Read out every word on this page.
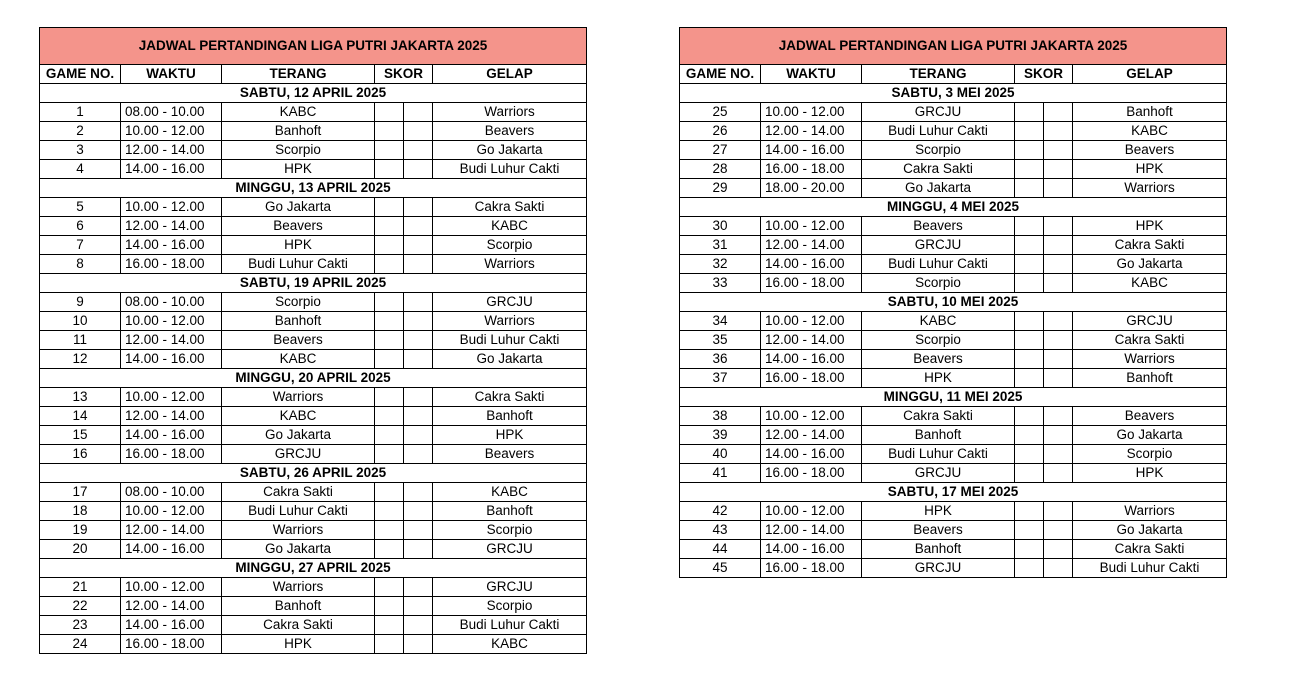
JADWAL PERTANDINGAN LIGA PUTRI JAKARTA 2025					
GAME NO.	WAKTU	TERANG	SKOR		GELAP
SABTU, 12 APRIL 2025					
1	08.00 - 10.00	KABC			Warriors
2	10.00 - 12.00	Banhoft			Beavers
3	12.00 - 14.00	Scorpio			Go Jakarta
4	14.00 - 16.00	HPK			Budi Luhur Cakti
MINGGU, 13 APRIL 2025					
5	10.00 - 12.00	Go Jakarta			Cakra Sakti
6	12.00 - 14.00	Beavers			KABC
7	14.00 - 16.00	HPK			Scorpio
8	16.00 - 18.00	Budi Luhur Cakti			Warriors
SABTU, 19 APRIL 2025					
9	08.00 - 10.00	Scorpio			GRCJU
10	10.00 - 12.00	Banhoft			Warriors
11	12.00 - 14.00	Beavers			Budi Luhur Cakti
12	14.00 - 16.00	KABC			Go Jakarta
MINGGU, 20 APRIL 2025					
13	10.00 - 12.00	Warriors			Cakra Sakti
14	12.00 - 14.00	KABC			Banhoft
15	14.00 - 16.00	Go Jakarta			HPK
16	16.00 - 18.00	GRCJU			Beavers
SABTU, 26 APRIL 2025					
17	08.00 - 10.00	Cakra Sakti			KABC
18	10.00 - 12.00	Budi Luhur Cakti			Banhoft
19	12.00 - 14.00	Warriors			Scorpio
20	14.00 - 16.00	Go Jakarta			GRCJU
MINGGU, 27 APRIL 2025					
21	10.00 - 12.00	Warriors			GRCJU
22	12.00 - 14.00	Banhoft			Scorpio
23	14.00 - 16.00	Cakra Sakti			Budi Luhur Cakti
24	16.00 - 18.00	HPK			KABC
JADWAL PERTANDINGAN LIGA PUTRI JAKARTA 2025					
GAME NO.	WAKTU	TERANG	SKOR		GELAP
SABTU, 3 MEI 2025					
25	10.00 - 12.00	GRCJU			Banhoft
26	12.00 - 14.00	Budi Luhur Cakti			KABC
27	14.00 - 16.00	Scorpio			Beavers
28	16.00 - 18.00	Cakra Sakti			HPK
29	18.00 - 20.00	Go Jakarta			Warriors
MINGGU, 4 MEI 2025					
30	10.00 - 12.00	Beavers			HPK
31	12.00 - 14.00	GRCJU			Cakra Sakti
32	14.00 - 16.00	Budi Luhur Cakti			Go Jakarta
33	16.00 - 18.00	Scorpio			KABC
SABTU, 10 MEI 2025					
34	10.00 - 12.00	KABC			GRCJU
35	12.00 - 14.00	Scorpio			Cakra Sakti
36	14.00 - 16.00	Beavers			Warriors
37	16.00 - 18.00	HPK			Banhoft
MINGGU, 11 MEI 2025					
38	10.00 - 12.00	Cakra Sakti			Beavers
39	12.00 - 14.00	Banhoft			Go Jakarta
40	14.00 - 16.00	Budi Luhur Cakti			Scorpio
41	16.00 - 18.00	GRCJU			HPK
SABTU, 17 MEI 2025					
42	10.00 - 12.00	HPK			Warriors
43	12.00 - 14.00	Beavers			Go Jakarta
44	14.00 - 16.00	Banhoft			Cakra Sakti
45	16.00 - 18.00	GRCJU			Budi Luhur Cakti
